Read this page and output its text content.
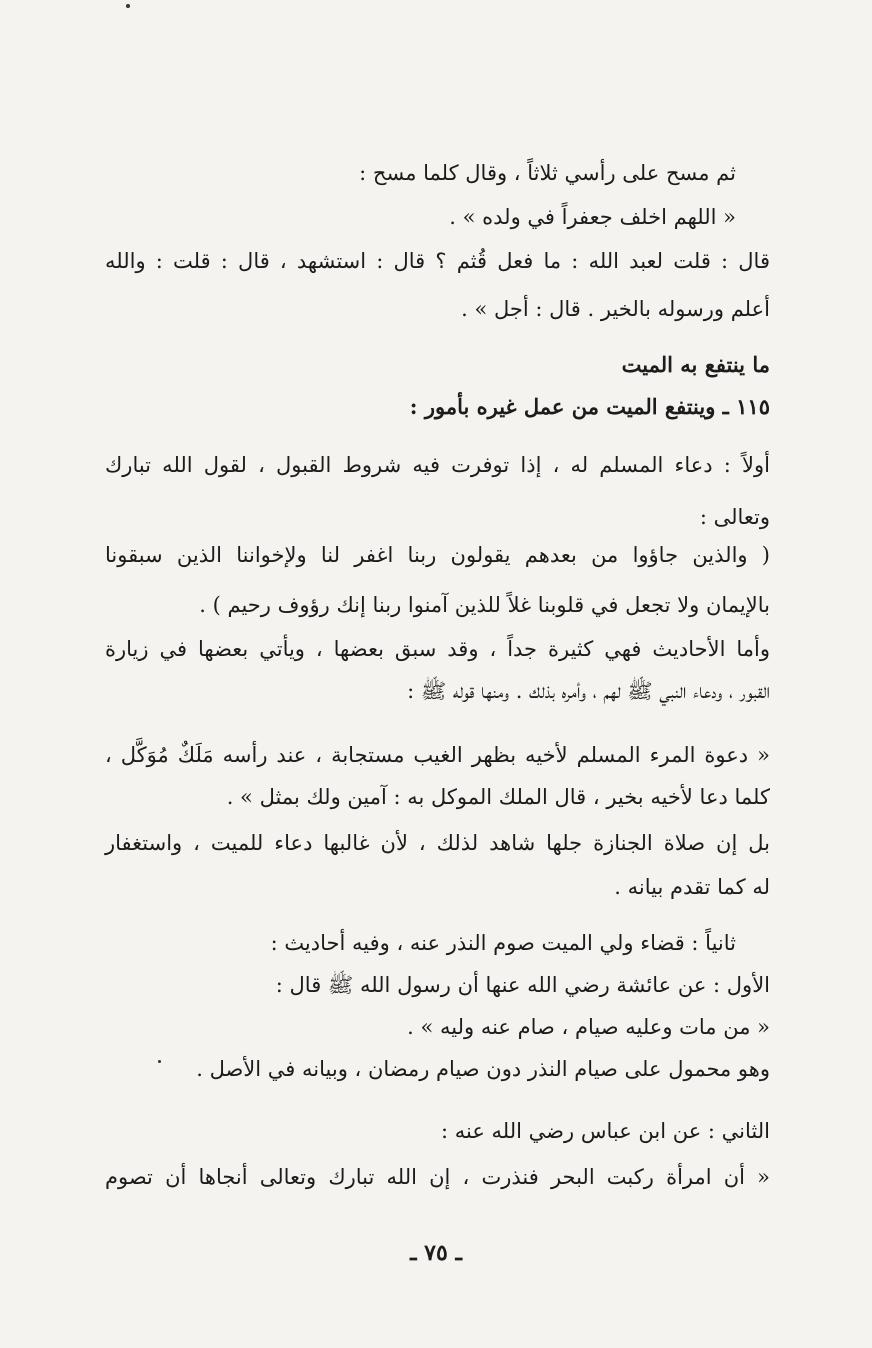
ثم مسح على رأسي ثلاثاً ، وقال كلما مسح :
« اللهم اخلف جعفراً في ولده » .
قال : قلت لعبد الله : ما فعل قُثم ؟ قال : استشهد ، قال : قلت : والله
أعلم ورسوله بالخير . قال : أجل » .
ما ينتفع به الميت
١١٥ ـ وينتفع الميت من عمل غيره بأمور :
أولاً : دعاء المسلم له ، إذا توفرت فيه شروط القبول ، لقول الله تبارك
وتعالى :
( والذين جاؤوا من بعدهم يقولون ربنا اغفر لنا ولإخواننا الذين سبقونا
بالإيمان ولا تجعل في قلوبنا غلاً للذين آمنوا ربنا إنك رؤوف رحيم ) .
وأما الأحاديث فهي كثيرة جداً ، وقد سبق بعضها ، ويأتي بعضها في زيارة
القبور ، ودعاء النبي ﷺ لهم ، وأمره بذلك . ومنها قوله ﷺ :
« دعوة المرء المسلم لأخيه بظهر الغيب مستجابة ، عند رأسه مَلَكٌ مُوَكَّل ،
كلما دعا لأخيه بخير ، قال الملك الموكل به : آمين ولك بمثل » .
بل إن صلاة الجنازة جلها شاهد لذلك ، لأن غالبها دعاء للميت ، واستغفار
له كما تقدم بيانه .
ثانياً : قضاء ولي الميت صوم النذر عنه ، وفيه أحاديث :
الأول : عن عائشة رضي الله عنها أن رسول الله ﷺ قال :
« من مات وعليه صيام ، صام عنه وليه » .
وهو محمول على صيام النذر دون صيام رمضان ، وبيانه في الأصل .
الثاني : عن ابن عباس رضي الله عنه :
« أن امرأة ركبت البحر فنذرت ، إن الله تبارك وتعالى أنجاها أن تصوم
ـ ٧٥ ـ
